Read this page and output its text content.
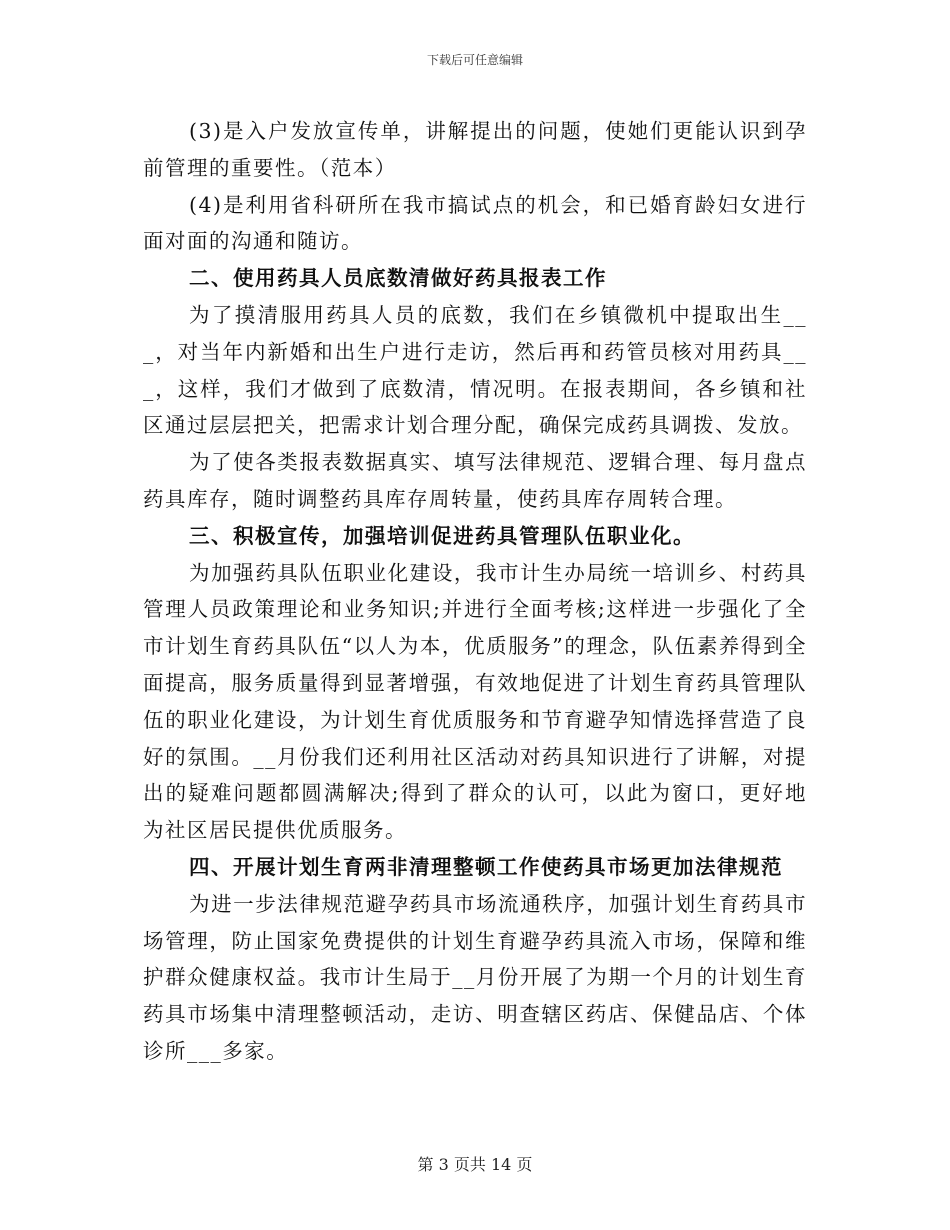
下载后可任意编辑

(3)是入户发放宣传单，讲解提出的问题，使她们更能认识到孕前管理的重要性。（范本）

(4)是利用省科研所在我市搞试点的机会，和已婚育龄妇女进行面对面的沟通和随访。

二、使用药具人员底数清做好药具报表工作

为了摸清服用药具人员的底数，我们在乡镇微机中提取出生___，对当年内新婚和出生户进行走访，然后再和药管员核对用药具___，这样，我们才做到了底数清，情况明。在报表期间，各乡镇和社区通过层层把关，把需求计划合理分配，确保完成药具调拨、发放。

为了使各类报表数据真实、填写法律规范、逻辑合理、每月盘点药具库存，随时调整药具库存周转量，使药具库存周转合理。

三、积极宣传，加强培训促进药具管理队伍职业化。

为加强药具队伍职业化建设，我市计生办局统一培训乡、村药具管理人员政策理论和业务知识;并进行全面考核;这样进一步强化了全市计划生育药具队伍“以人为本，优质服务”的理念，队伍素养得到全面提高，服务质量得到显著增强，有效地促进了计划生育药具管理队伍的职业化建设，为计划生育优质服务和节育避孕知情选择营造了良好的氛围。__月份我们还利用社区活动对药具知识进行了讲解，对提出的疑难问题都圆满解决;得到了群众的认可，以此为窗口，更好地为社区居民提供优质服务。

四、开展计划生育两非清理整顿工作使药具市场更加法律规范

为进一步法律规范避孕药具市场流通秩序，加强计划生育药具市场管理，防止国家免费提供的计划生育避孕药具流入市场，保障和维护群众健康权益。我市计生局于__月份开展了为期一个月的计划生育药具市场集中清理整顿活动，走访、明查辖区药店、保健品店、个体诊所___多家。

第 3 页共 14 页
